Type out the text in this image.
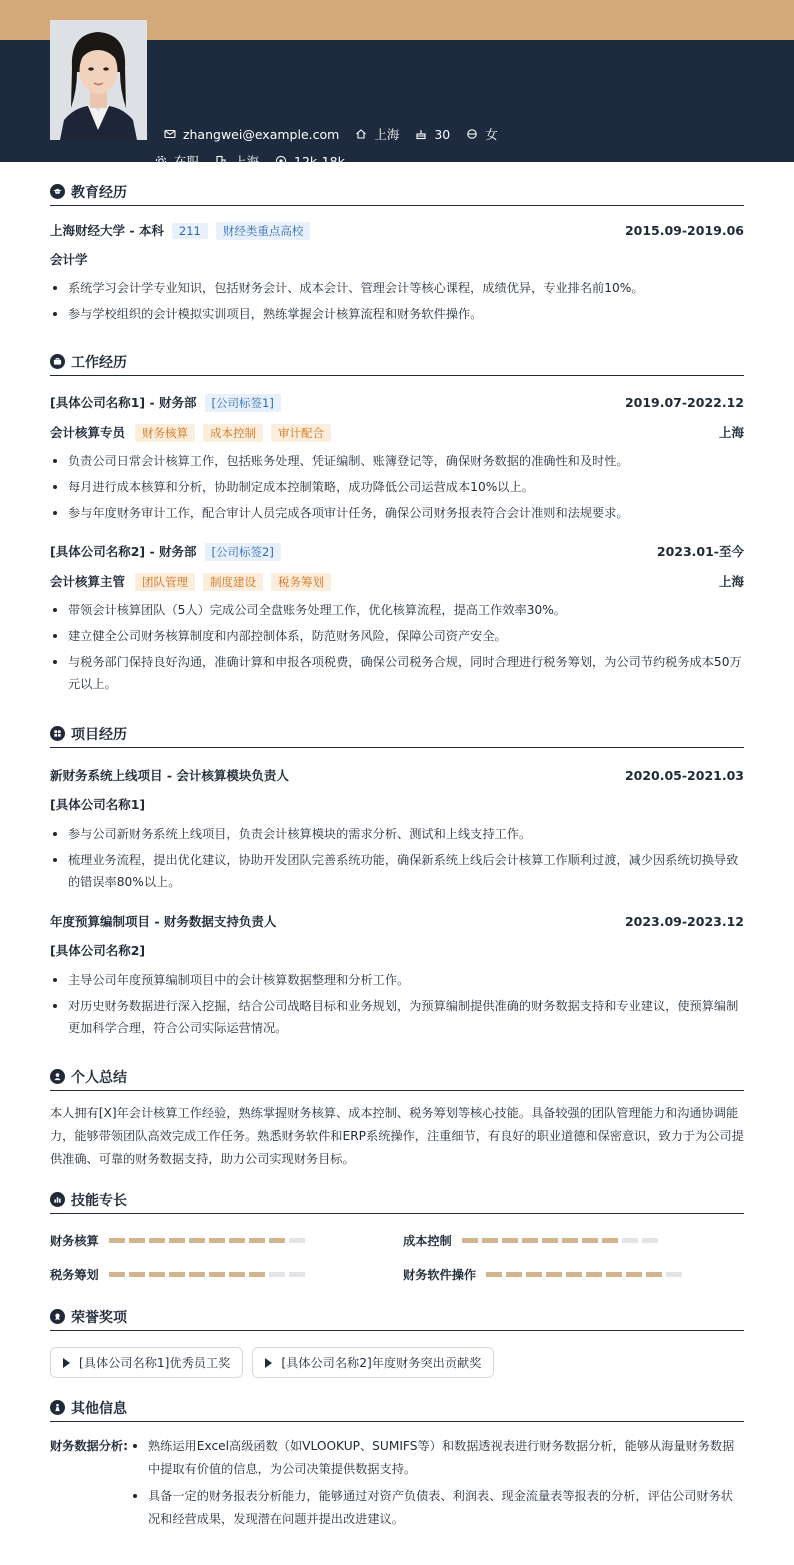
zhangwei@example.com	上海	30	女
在职	上海	12k-18k
教育经历
上海财经大学 - 本科 211 财经类重点高校	2015.09-2019.06
会计学
系统学习会计学专业知识，包括财务会计、成本会计、管理会计等核心课程，成绩优异，专业排名前10%。
参与学校组织的会计模拟实训项目，熟练掌握会计核算流程和财务软件操作。
工作经历
[具体公司名称1] - 财务部 [公司标签1]	2019.07-2022.12
会计核算专员 财务核算 成本控制 审计配合	上海
负责公司日常会计核算工作，包括账务处理、凭证编制、账簿登记等，确保财务数据的准确性和及时性。
每月进行成本核算和分析，协助制定成本控制策略，成功降低公司运营成本10%以上。
参与年度财务审计工作，配合审计人员完成各项审计任务，确保公司财务报表符合会计准则和法规要求。
[具体公司名称2] - 财务部 [公司标签2]	2023.01-至今
会计核算主管 团队管理 制度建设 税务筹划	上海
带领会计核算团队（5人）完成公司全盘账务处理工作，优化核算流程，提高工作效率30%。
建立健全公司财务核算制度和内部控制体系，防范财务风险，保障公司资产安全。
与税务部门保持良好沟通，准确计算和申报各项税费，确保公司税务合规，同时合理进行税务筹划，为公司节约税务成本50万元以上。
项目经历
新财务系统上线项目 - 会计核算模块负责人	2020.05-2021.03
[具体公司名称1]
参与公司新财务系统上线项目，负责会计核算模块的需求分析、测试和上线支持工作。
梳理业务流程，提出优化建议，协助开发团队完善系统功能，确保新系统上线后会计核算工作顺利过渡，减少因系统切换导致的错误率80%以上。
年度预算编制项目 - 财务数据支持负责人	2023.09-2023.12
[具体公司名称2]
主导公司年度预算编制项目中的会计核算数据整理和分析工作。
对历史财务数据进行深入挖掘，结合公司战略目标和业务规划，为预算编制提供准确的财务数据支持和专业建议，使预算编制更加科学合理，符合公司实际运营情况。
个人总结
本人拥有[X]年会计核算工作经验，熟练掌握财务核算、成本控制、税务筹划等核心技能。具备较强的团队管理能力和沟通协调能力，能够带领团队高效完成工作任务。熟悉财务软件和ERP系统操作，注重细节，有良好的职业道德和保密意识，致力于为公司提供准确、可靠的财务数据支持，助力公司实现财务目标。
技能专长
财务核算	成本控制
税务筹划	财务软件操作
荣誉奖项
[具体公司名称1]优秀员工奖	[具体公司名称2]年度财务突出贡献奖
其他信息
财务数据分析:	熟练运用Excel高级函数（如VLOOKUP、SUMIFS等）和数据透视表进行财务数据分析，能够从海量财务数据中提取有价值的信息，为公司决策提供数据支持。
具备一定的财务报表分析能力，能够通过对资产负债表、利润表、现金流量表等报表的分析，评估公司财务状况和经营成果，发现潜在问题并提出改进建议。
